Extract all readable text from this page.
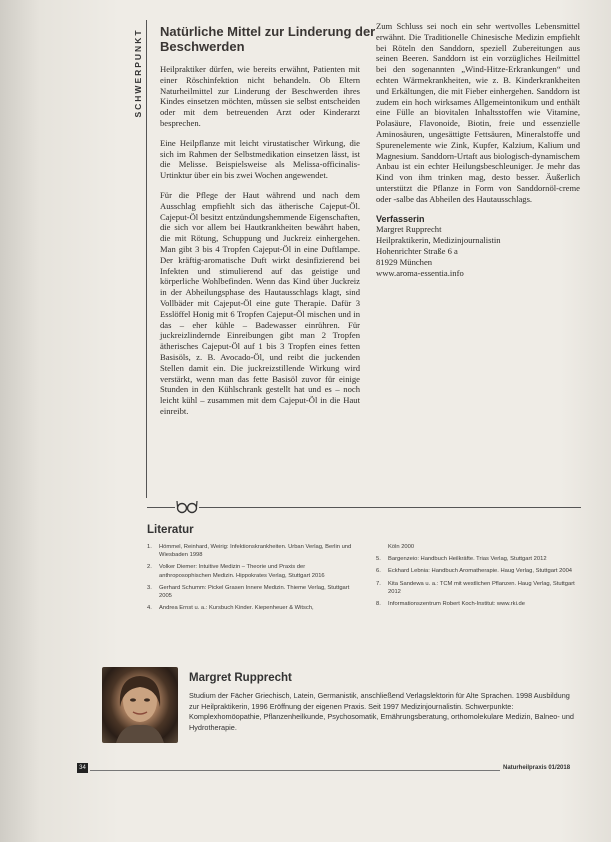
SCHWERPUNKT Natürliche Mittel zur Linderung der Beschwerden

Heilpraktiker dürfen, wie bereits erwähnt, Patienten mit einer Röschinfektion nicht behandeln. Ob Eltern Naturheilmittel zur Linderung der Beschwerden ihres Kindes einsetzen möchten, müssen sie selbst entscheiden oder mit dem betreuenden Arzt oder Kinderarzt besprechen.

Eine Heilpflanze mit leicht virustatischer Wirkung, die sich im Rahmen der Selbstmedikation einsetzen lässt, ist die Melisse. Beispielsweise als Melissa-officinalis-Urtinktur über ein bis zwei Wochen angewendet.

Für die Pflege der Haut während und nach dem Ausschlag empfiehlt sich das ätherische Cajeput-Öl. Cajeput-Öl besitzt entzündungshemmende Eigenschaften, die sich vor allem bei Hautkrankheiten bewährt haben, die mit Rötung, Schuppung und Juckreiz einhergehen. Man gibt 3 bis 4 Tropfen Cajeput-Öl in eine Duftlampe. Der kräftig-aromatische Duft wirkt desinfizierend bei Infekten und stimulierend auf das geistige und körperliche Wohlbefinden. Wenn das Kind über Juckreiz in der Abheilungsphase des Hautausschlags klagt, sind Vollbäder mit Cajeput-Öl eine gute Therapie. Dafür 3 Esslöffel Honig mit 6 Tropfen Cajeput-Öl mischen und in das – eher kühle – Badewasser einrühren. Für juckreizlindernde Einreibungen gibt man 2 Tropfen ätherisches Cajeput-Öl auf 1 bis 3 Tropfen eines fetten Basisöls, z. B. Avocado-Öl, und reibt die juckenden Stellen damit ein. Die juckreizstillende Wirkung wird verstärkt, wenn man das fette Basisöl zuvor für einige Stunden in den Kühlschrank gestellt hat und es – noch leicht kühl – zusammen mit dem Cajeput-Öl in die Haut einreibt.

Zum Schluss sei noch ein sehr wertvolles Lebensmittel erwähnt. Die Traditionelle Chinesische Medizin empfiehlt bei Röteln den Sanddorn, speziell Zubereitungen aus seinen Beeren. Sanddorn ist ein vorzügliches Heilmittel bei den sogenannten „Wind-Hitze-Erkrankungen“ und echten Wärmekrankheiten, wie z. B. Kinderkrankheiten und Erkältungen, die mit Fieber einhergehen. Sanddorn ist zudem ein hoch wirksames Allgemeintonikum und enthält eine Fülle an biovitalen Inhaltsstoffen wie Vitamine, Polasäure, Flavonoide, Biotin, freie und essenzielle Aminosäuren, ungesättigte Fettsäuren, Mineralstoffe und Spurenelemente wie Zink, Kupfer, Kalzium, Kalium und Magnesium. Sanddorn-Urtaft aus biologisch-dynamischem Anbau ist ein echter Heilungsbeschleuniger. Je mehr das Kind von ihm trinken mag, desto besser. Äußerlich unterstützt die Pflanze in Form von Sanddornöl-creme oder -salbe das Abheilen des Hautausschlags.

Verfasserin
Margret Rupprecht
Heilpraktikerin, Medizinjournalistin
Hohenrichter Straße 6 a
81929 München
www.aroma-essentia.info
Literatur
1.	Hömmel, Reinhard, Weirig: Infektionskrankheiten. Urban Verlag, Berlin und Wiesbaden 1998
2.	Volker Diemer: Intuitive Medizin – Theorie und Praxis der anthroposophischen Medizin. Hippokrates Verlag, Stuttgart 2016
3.	Gerhard Schumm: Pickel Grasen Innere Medizin. Thieme Verlag, Stuttgart 2005
4.	Andrea Ernst u. a.: Kursbuch Kinder. Kiepenheuer & Witsch,
Köln 2000
5.	Bargenzeio: Handbuch Heilkräfte. Trias Verlag, Stuttgart 2012
6.	Eckhard Lebnia: Handbuch Aromatherapie. Haug Verlag, Stuttgart 2004
7.	Kita Sandewa u. a.: TCM mit westlichen Pflanzen. Haug Verlag, Stuttgart 2012
8.	Informationszentrum Robert Koch-Institut: www.rki.de
Margret Rupprecht
Studium der Fächer Griechisch, Latein, Germanistik, anschließend Verlagslektorin für Alte Sprachen. 1998 Ausbildung zur Heilpraktikerin, 1996 Eröffnung der eigenen Praxis. Seit 1997 Medizinjournalistin. Schwerpunkte: Komplexhomöopathie, Pflanzenheilkunde, Psychosomatik, Ernährungsberatung, orthomolekulare Medizin, Balneo- und Hydrotherapie.
34	Naturheilpraxis 01/2018
